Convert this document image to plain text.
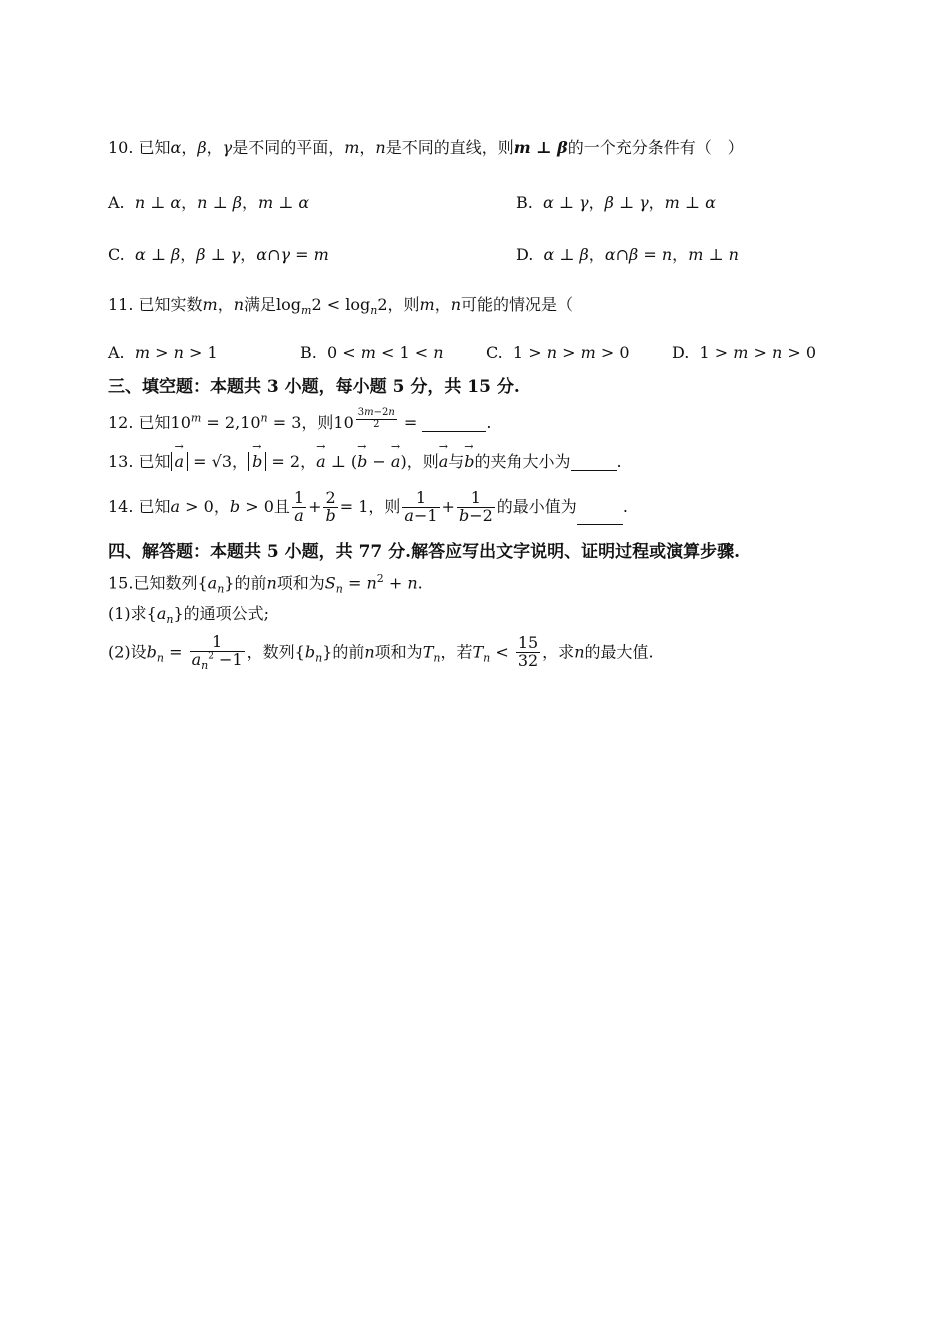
10. 已知α，β，γ是不同的平面，m，n是不同的直线，则m ⊥ β的一个充分条件有（　）
A.  n ⊥ α，n ⊥ β，m ⊥ α	B.  α ⊥ γ，β ⊥ γ，m ⊥ α
C.  α ⊥ β，β ⊥ γ，α∩γ = m	D.  α ⊥ β，α∩β = n，m ⊥ n
11. 已知实数m，n满足$\log_m2 < \log_n2$，则m，n可能的情况是（
A.  m > n > 1	B.  0 < m < 1 < n	C.  1 > n > m > 0	D.  1 > m > n > 0
三、填空题：本题共 3 小题，每小题 5 分，共 15 分.
12. 已知$10^m = 2,10^n = 3$，则10 $^{\frac{3m-2n}{2}}$ =	.
13. 已知 → a = √3， → b = 2，→ a ⊥ (→ b − → a)，则→ a与→ b的夹角大小为	.
14. 已知a > 0，b > 0且 $\frac{1}{a} + \frac{2}{b} = 1$，则 $\frac{1}{a-1} + \frac{1}{b-2}$ 的最小值为	.
四、解答题：本题共 5 小题，共 77 分.解答应写出文字说明、证明过程或演算步骤.
15.已知数列$\{a_n\}$的前n项和为$S_n = n^2 + n$.
(1)求$\{a_n\}$的通项公式;
(2)设$b_n = \frac{1}{a_n^2 -1}$ ，数列$\{b_n\}$的前n项和为$T_n$，若$T_n < \frac{15}{32}$ ，求n的最大值.
